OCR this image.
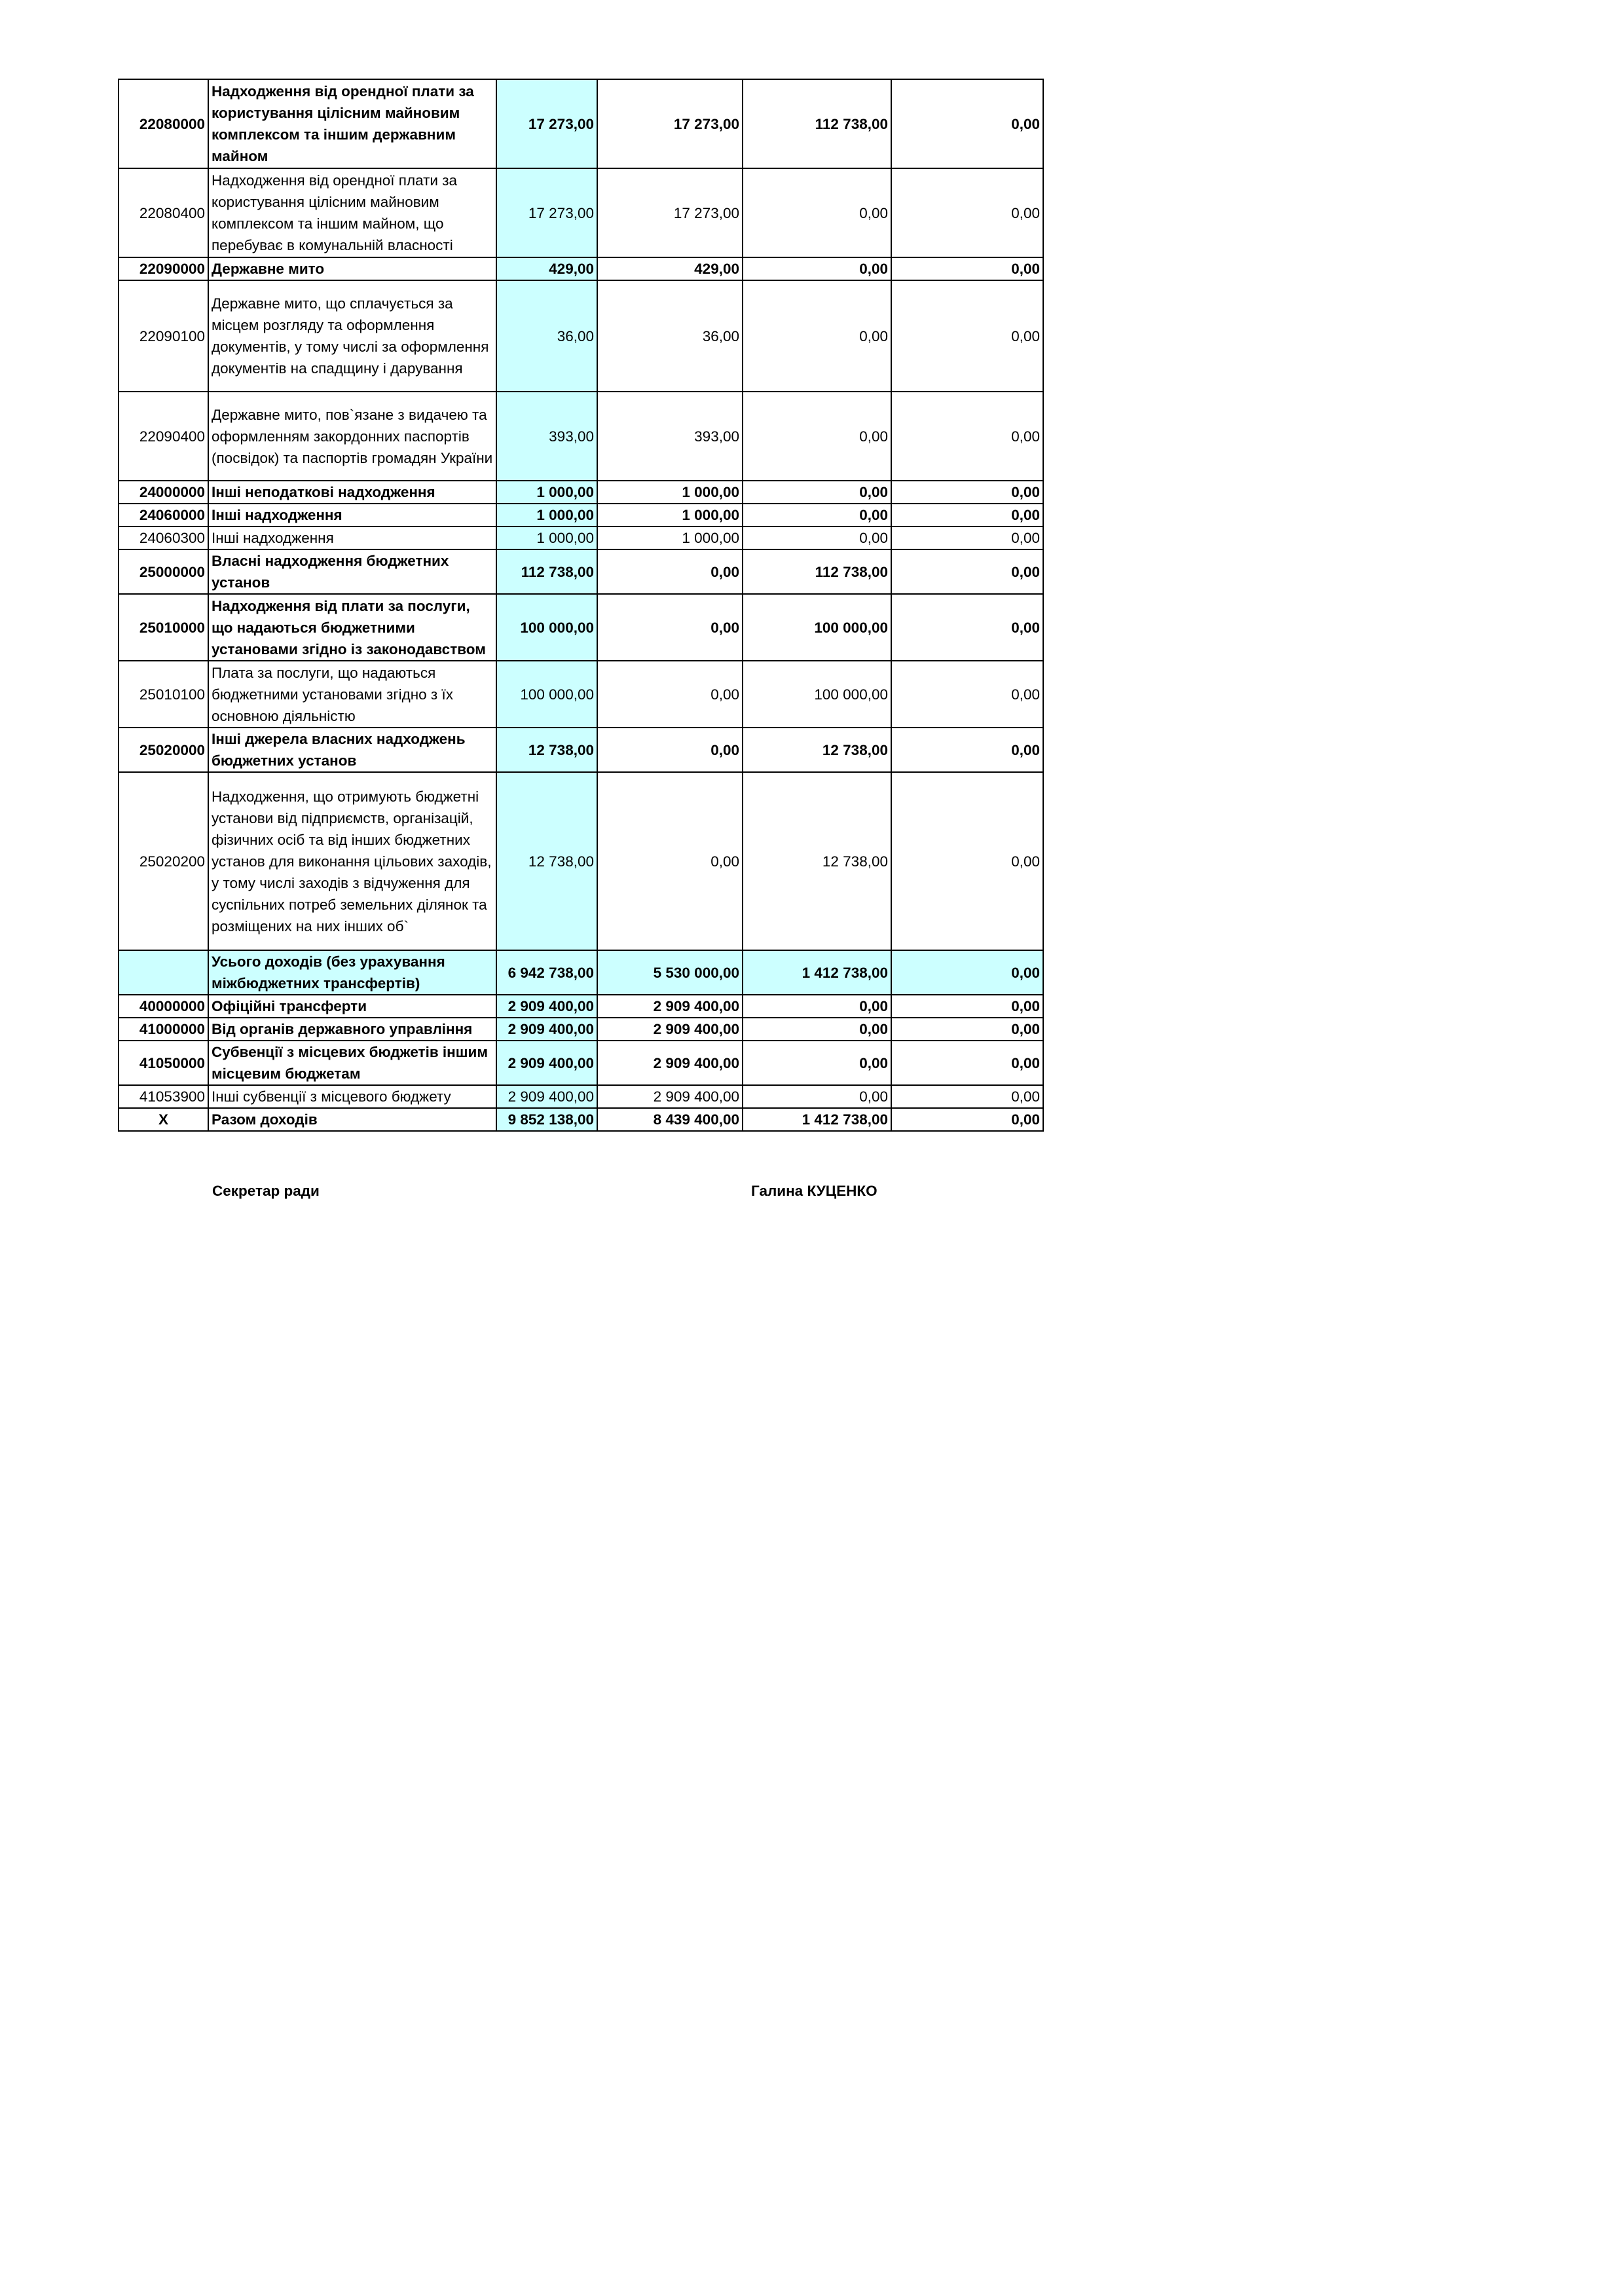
22080000	Надходження від орендної плати за користування цілісним майновим комплексом та іншим державним майном	17 273,00	17 273,00	112 738,00	0,00
22080400	Надходження від орендної плати за користування цілісним майновим комплексом та іншим майном, що перебуває в комунальній власності	17 273,00	17 273,00	0,00	0,00
22090000	Державне мито	429,00	429,00	0,00	0,00
22090100	Державне мито, що сплачується за місцем розгляду та оформлення документів, у тому числі за оформлення документів на спадщину і дарування	36,00	36,00	0,00	0,00
22090400	Державне мито, пов`язане з видачею та оформленням закордонних паспортів (посвідок) та паспортів громадян України	393,00	393,00	0,00	0,00
24000000	Інші неподаткові надходження	1 000,00	1 000,00	0,00	0,00
24060000	Інші надходження	1 000,00	1 000,00	0,00	0,00
24060300	Інші надходження	1 000,00	1 000,00	0,00	0,00
25000000	Власні надходження бюджетних установ	112 738,00	0,00	112 738,00	0,00
25010000	Надходження від плати за послуги, що надаються бюджетними установами згідно із законодавством	100 000,00	0,00	100 000,00	0,00
25010100	Плата за послуги, що надаються бюджетними установами згідно з їх основною діяльністю	100 000,00	0,00	100 000,00	0,00
25020000	Інші джерела власних надходжень бюджетних установ	12 738,00	0,00	12 738,00	0,00
25020200	Надходження, що отримують бюджетні установи від підприємств, організацій, фізичних осіб та від інших бюджетних установ для виконання цільових заходів, у тому числі заходів з відчуження для суспільних потреб земельних ділянок та розміщених на них інших об`	12 738,00	0,00	12 738,00	0,00
	Усього доходів (без урахування міжбюджетних трансфертів)	6 942 738,00	5 530 000,00	1 412 738,00	0,00
40000000	Офіційні трансферти	2 909 400,00	2 909 400,00	0,00	0,00
41000000	Від органів державного управління	2 909 400,00	2 909 400,00	0,00	0,00
41050000	Субвенції з місцевих бюджетів іншим місцевим бюджетам	2 909 400,00	2 909 400,00	0,00	0,00
41053900	Інші субвенції з місцевого бюджету	2 909 400,00	2 909 400,00	0,00	0,00
Х	Разом доходів	9 852 138,00	8 439 400,00	1 412 738,00	0,00
Секретар ради	Галина КУЦЕНКО
